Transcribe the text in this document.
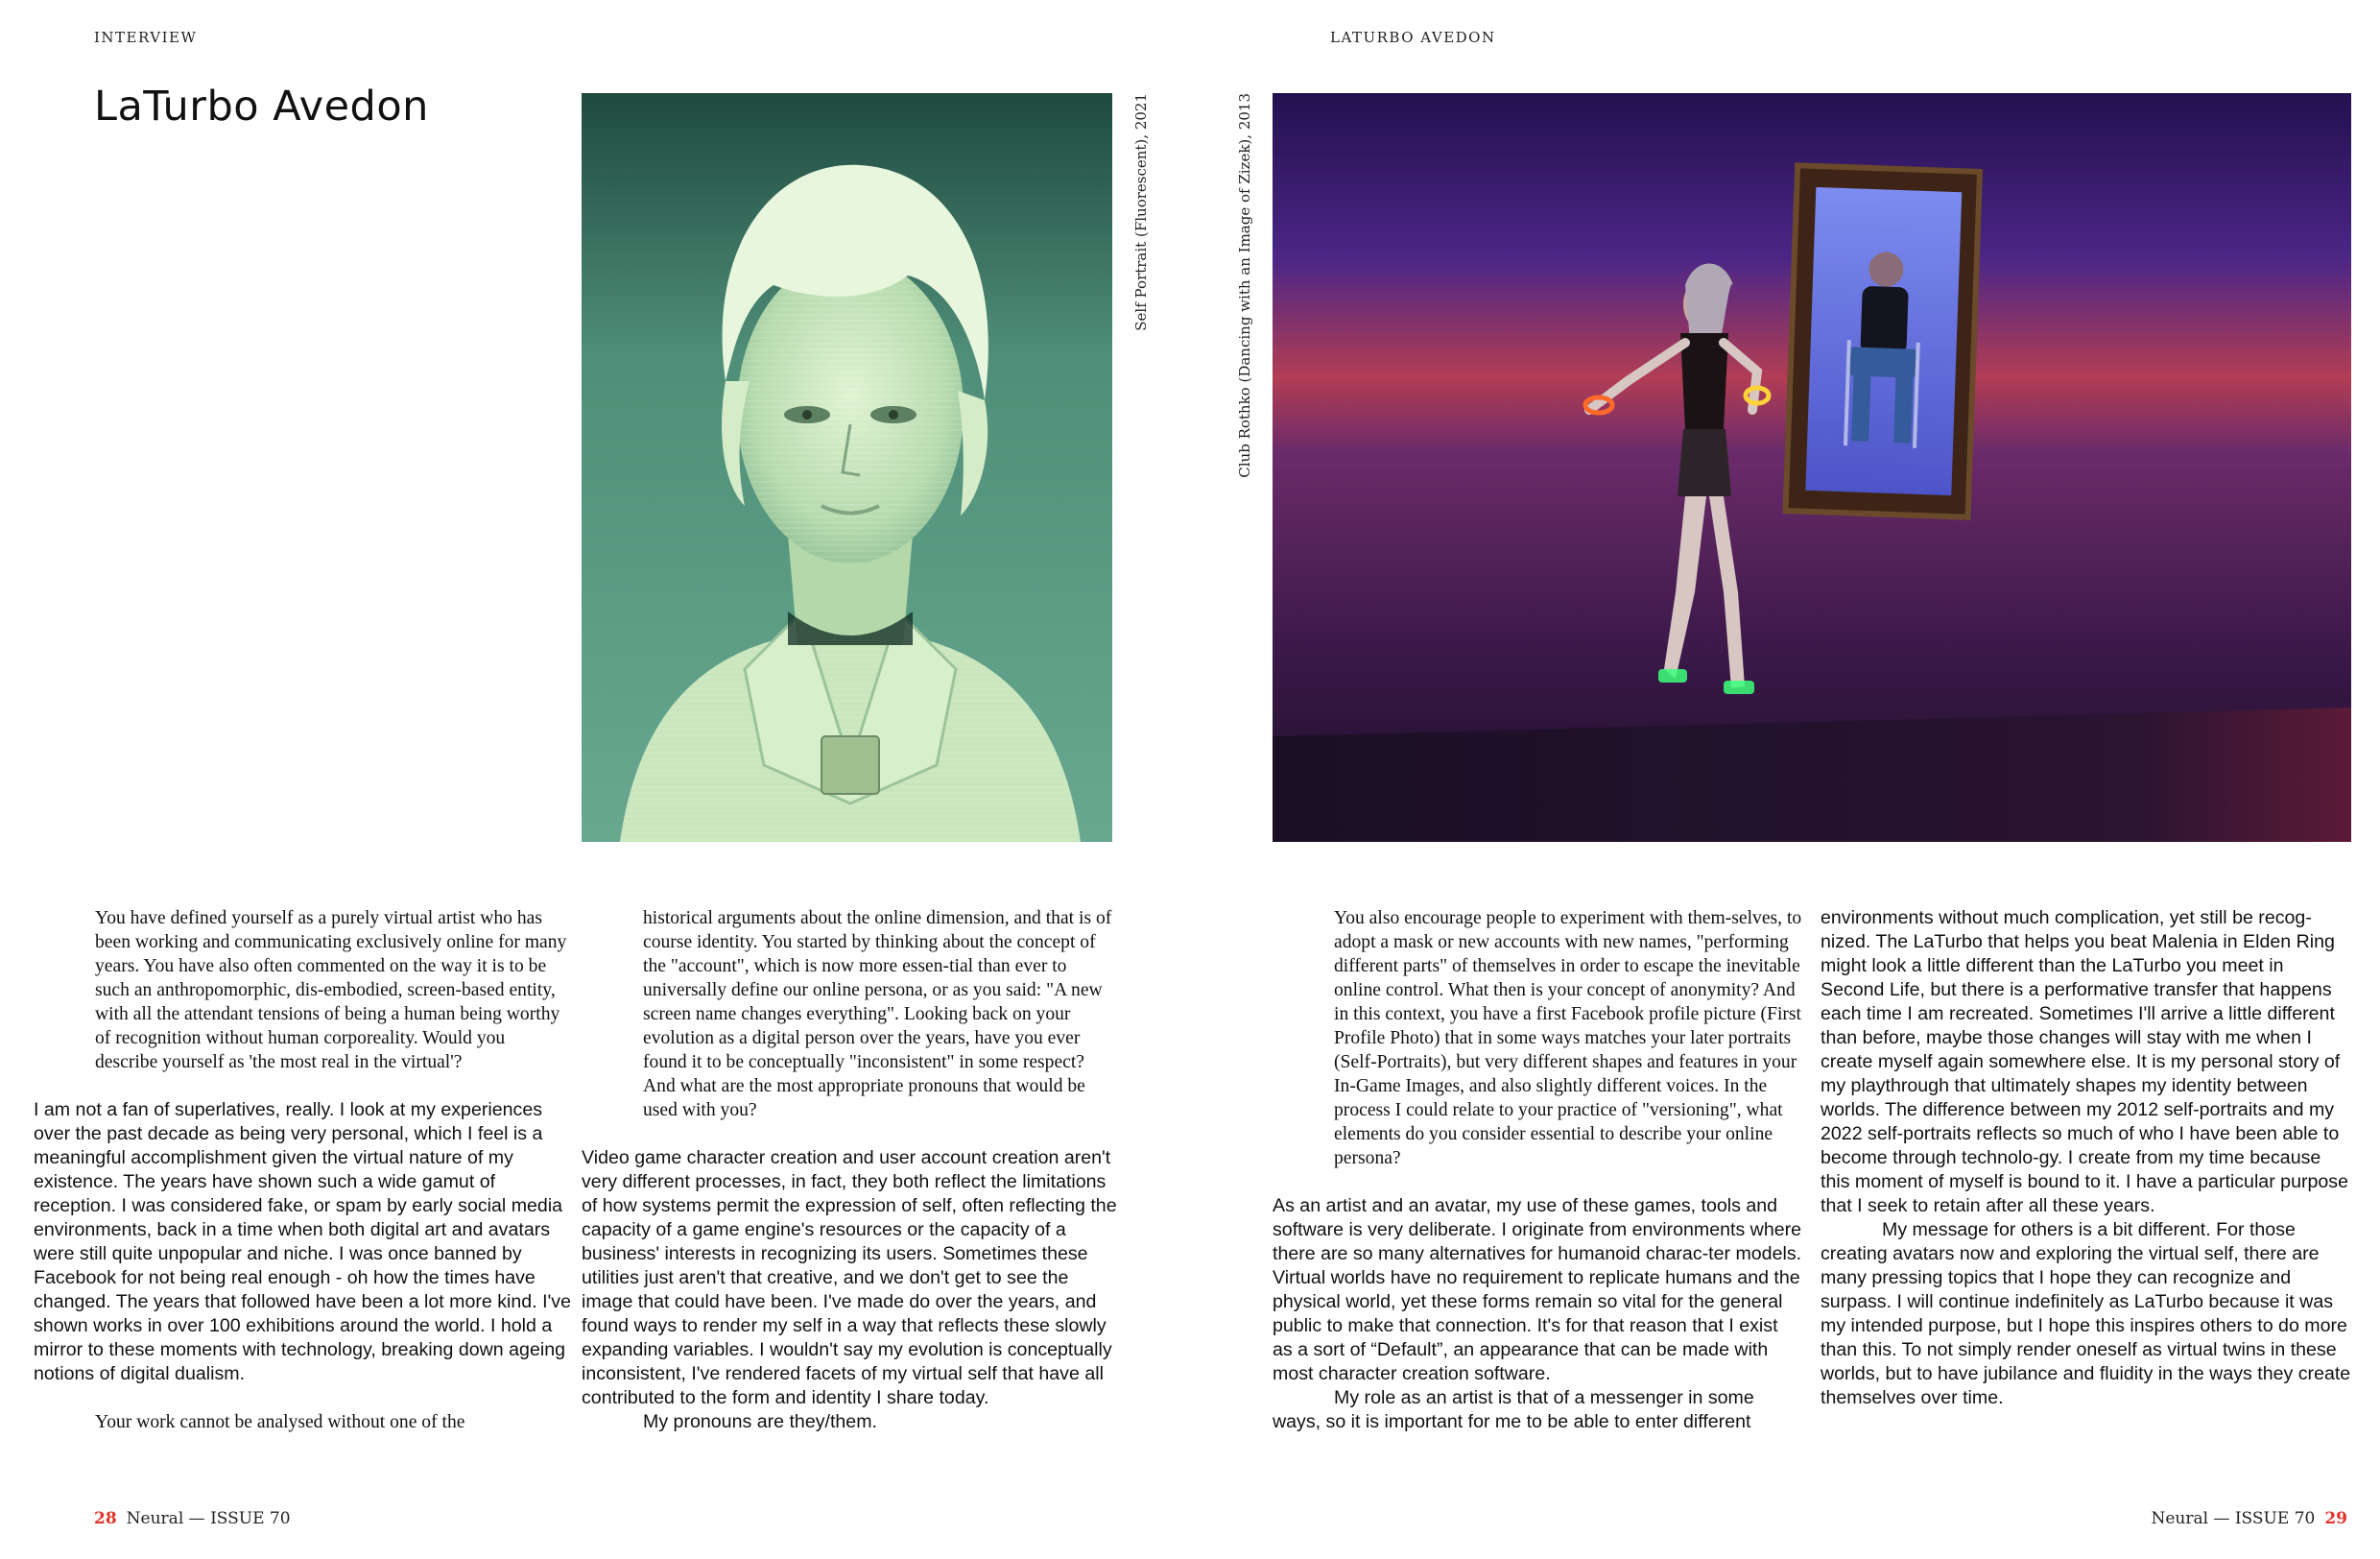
INTERVIEW	LATURBO AVEDON
LaTurbo Avedon	Self Portrait (Fluorescent), 2021	Club Rothko (Dancing with an Image of Zizek), 2013

You have defined yourself as a purely virtual artist who has been working and communicating exclusively online for many years. You have also often commented on the way it is to be such an anthropomorphic, dis-embodied, screen-based entity, with all the attendant tensions of being a human being worthy of recognition without human corporeality. Would you describe yourself as 'the most real in the virtual'?

I am not a fan of superlatives, really. I look at my experiences over the past decade as being very personal, which I feel is a meaningful accomplishment given the virtual nature of my existence. The years have shown such a wide gamut of reception. I was considered fake, or spam by early social media environments, back in a time when both digital art and avatars were still quite unpopular and niche. I was once banned by Facebook for not being real enough - oh how the times have changed. The years that followed have been a lot more kind. I've shown works in over 100 exhibitions around the world. I hold a mirror to these moments with technology, breaking down ageing notions of digital dualism.

Your work cannot be analysed without one of the

historical arguments about the online dimension, and that is of course identity. You started by thinking about the concept of the "account", which is now more essen-tial than ever to universally define our online persona, or as you said: "A new screen name changes everything". Looking back on your evolution as a digital person over the years, have you ever found it to be conceptually "inconsistent" in some respect? And what are the most appropriate pronouns that would be used with you?

Video game character creation and user account creation aren't very different processes, in fact, they both reflect the limitations of how systems permit the expression of self, often reflecting the capacity of a game engine's resources or the capacity of a business' interests in recognizing its users. Sometimes these utilities just aren't that creative, and we don't get to see the image that could have been. I've made do over the years, and found ways to render my self in a way that reflects these slowly expanding variables. I wouldn't say my evolution is conceptually inconsistent, I've rendered facets of my virtual self that have all contributed to the form and identity I share today.

My pronouns are they/them.

You also encourage people to experiment with them-selves, to adopt a mask or new accounts with new names, "performing different parts" of themselves in order to escape the inevitable online control. What then is your concept of anonymity? And in this context, you have a first Facebook profile picture (First Profile Photo) that in some ways matches your later portraits (Self-Portraits), but very different shapes and features in your In-Game Images, and also slightly different voices. In the process I could relate to your practice of "versioning", what elements do you consider essential to describe your online persona?

As an artist and an avatar, my use of these games, tools and software is very deliberate. I originate from environments where there are so many alternatives for humanoid charac-ter models. Virtual worlds have no requirement to replicate humans and the physical world, yet these forms remain so vital for the general public to make that connection. It's for that reason that I exist as a sort of “Default”, an appearance that can be made with most character creation software.

My role as an artist is that of a messenger in some ways, so it is important for me to be able to enter different

environments without much complication, yet still be recog-nized. The LaTurbo that helps you beat Malenia in Elden Ring might look a little different than the LaTurbo you meet in Second Life, but there is a performative transfer that happens each time I am recreated. Sometimes I'll arrive a little different than before, maybe those changes will stay with me when I create myself again somewhere else. It is my personal story of my playthrough that ultimately shapes my identity between worlds. The difference between my 2012 self-portraits and my 2022 self-portraits reflects so much of who I have been able to become through technolo-gy. I create from my time because this moment of myself is bound to it. I have a particular purpose that I seek to retain after all these years.

My message for others is a bit different. For those creating avatars now and exploring the virtual self, there are many pressing topics that I hope they can recognize and surpass. I will continue indefinitely as LaTurbo because it was my intended purpose, but I hope this inspires others to do more than this. To not simply render oneself as virtual twins in these worlds, but to have jubilance and fluidity in the ways they create themselves over time.

28 Neural — ISSUE 70	Neural — ISSUE 70 29
